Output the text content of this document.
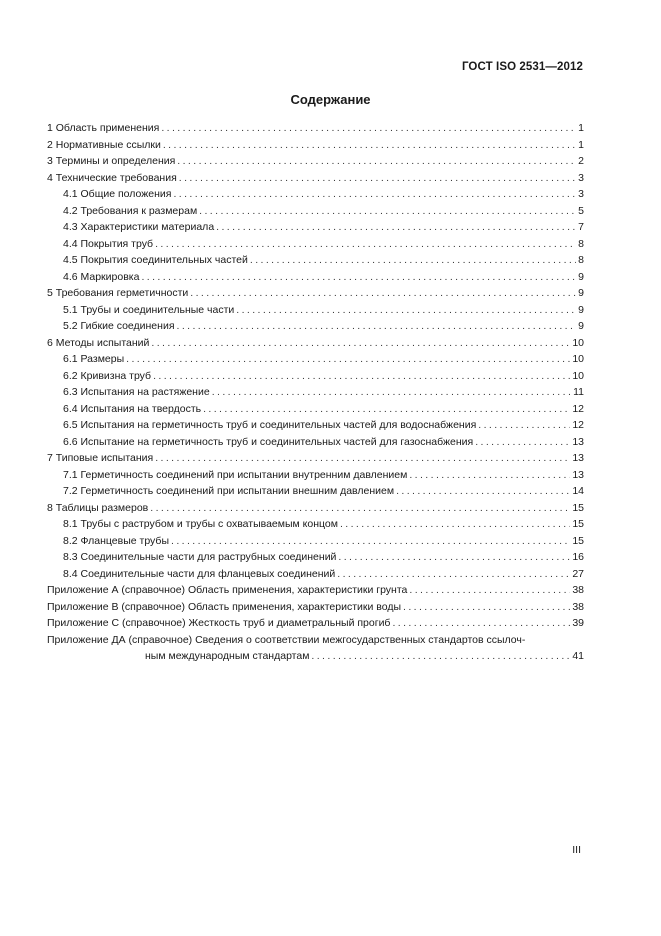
ГОСТ ISO 2531—2012
Содержание
1 Область применения .....	1
2 Нормативные ссылки .....	1
3 Термины и определения .....	2
4 Технические требования .....	3
4.1 Общие положения .....	3
4.2 Требования к размерам .....	5
4.3 Характеристики материала .....	7
4.4 Покрытия труб .....	8
4.5 Покрытия соединительных частей .....	8
4.6 Маркировка .....	9
5 Требования герметичности .....	9
5.1 Трубы и соединительные части .....	9
5.2 Гибкие соединения .....	9
6 Методы испытаний .....	10
6.1 Размеры .....	10
6.2 Кривизна труб .....	10
6.3 Испытания на растяжение .....	11
6.4 Испытания на твердость .....	12
6.5 Испытания на герметичность труб и соединительных частей для водоснабжения .....	12
6.6 Испытание на герметичность труб и соединительных частей для газоснабжения .....	13
7 Типовые испытания .....	13
7.1 Герметичность соединений при испытании внутренним давлением .....	13
7.2 Герметичность соединений при испытании внешним давлением .....	14
8 Таблицы размеров .....	15
8.1 Трубы с раструбом и трубы с охватываемым концом .....	15
8.2 Фланцевые трубы .....	15
8.3 Соединительные части для раструбных соединений .....	16
8.4 Соединительные части для фланцевых соединений .....	27
Приложение А (справочное) Область применения, характеристики грунта .....	38
Приложение В (справочное) Область применения, характеристики воды .....	38
Приложение С (справочное) Жесткость труб и диаметральный прогиб .....	39
Приложение ДА (справочное) Сведения о соответствии межгосударственных стандартов ссылоч-
ным международным стандартам .....	41
III
